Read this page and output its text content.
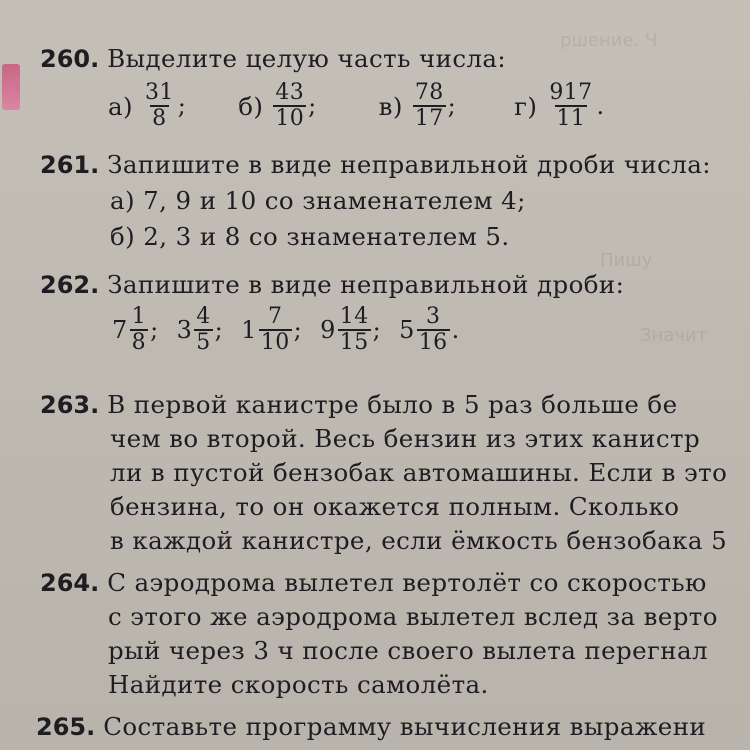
ршение. Ч
Пишу
Значит
260. Выделите целую часть числа:
$а) \frac{31}{8}$ ; $б) \frac{43}{10}$ ;	$в) \frac{78}{17}$ ; $г) \frac{917}{11}$ .
261. Запишите в виде неправильной дроби числа:
а) 7, 9 и 10 со знаменателем 4;
б) 2, 3 и 8 со знаменателем 5.
262. Запишите в виде неправильной дроби:
$7 \frac{1}{8}$ ; $3 \frac{4}{5}$ ; $1 \frac{7}{10}$ ; $9 \frac{14}{15}$ ; $5 \frac{3}{16}$ .
263. В первой канистре было в 5 раз больше бе
чем во второй. Весь бензин из этих канистр
ли в пустой бензобак автомашины. Если в это
бензина, то он окажется полным. Сколько
в каждой канистре, если ёмкость бензобака 5
264. С аэродрома вылетел вертолёт со скоростью
с этого же аэродрома вылетел вслед за верто
рый через 3 ч после своего вылета перегнал
Найдите скорость самолёта.
265. Составьте программу вычисления выражени
